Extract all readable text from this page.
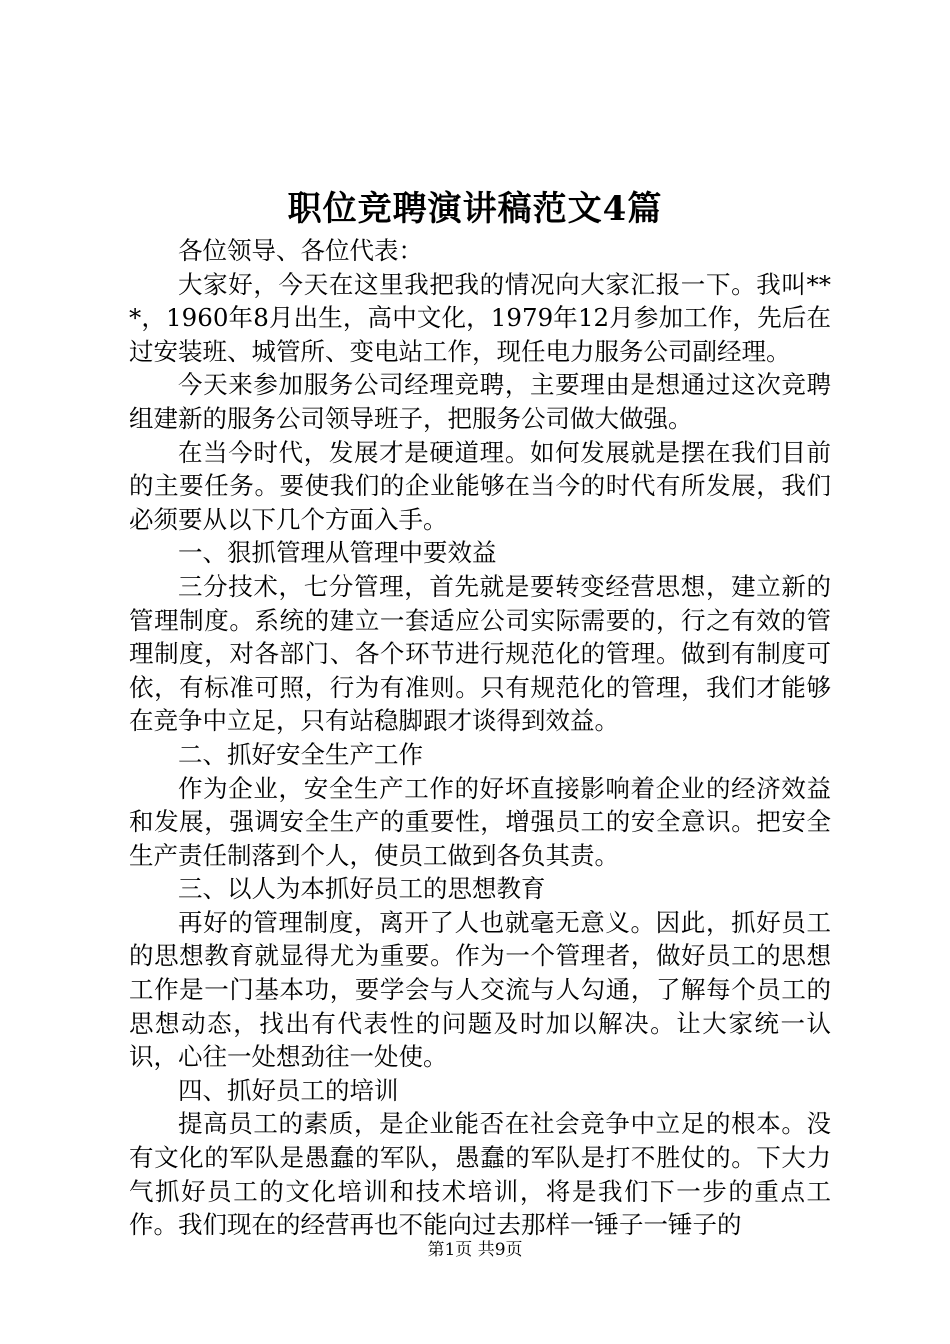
职位竞聘演讲稿范文4篇

各位领导、各位代表：

大家好，今天在这里我把我的情况向大家汇报一下。我叫***，1960年8月出生，高中文化，1979年12月参加工作，先后在过安装班、城管所、变电站工作，现任电力服务公司副经理。

今天来参加服务公司经理竞聘，主要理由是想通过这次竞聘组建新的服务公司领导班子，把服务公司做大做强。

在当今时代，发展才是硬道理。如何发展就是摆在我们目前的主要任务。要使我们的企业能够在当今的时代有所发展，我们必须要从以下几个方面入手。

一、狠抓管理从管理中要效益

三分技术，七分管理，首先就是要转变经营思想，建立新的管理制度。系统的建立一套适应公司实际需要的，行之有效的管理制度，对各部门、各个环节进行规范化的管理。做到有制度可依，有标准可照，行为有准则。只有规范化的管理，我们才能够在竞争中立足，只有站稳脚跟才谈得到效益。

二、抓好安全生产工作

作为企业，安全生产工作的好坏直接影响着企业的经济效益和发展，强调安全生产的重要性，增强员工的安全意识。把安全生产责任制落到个人，使员工做到各负其责。

三、以人为本抓好员工的思想教育

再好的管理制度，离开了人也就毫无意义。因此，抓好员工的思想教育就显得尤为重要。作为一个管理者，做好员工的思想工作是一门基本功，要学会与人交流与人勾通，了解每个员工的思想动态，找出有代表性的问题及时加以解决。让大家统一认识，心往一处想劲往一处使。

四、抓好员工的培训

提高员工的素质，是企业能否在社会竞争中立足的根本。没有文化的军队是愚蠢的军队，愚蠢的军队是打不胜仗的。下大力气抓好员工的文化培训和技术培训，将是我们下一步的重点工作。我们现在的经营再也不能向过去那样一锤子一锤子的

第1页 共9页
